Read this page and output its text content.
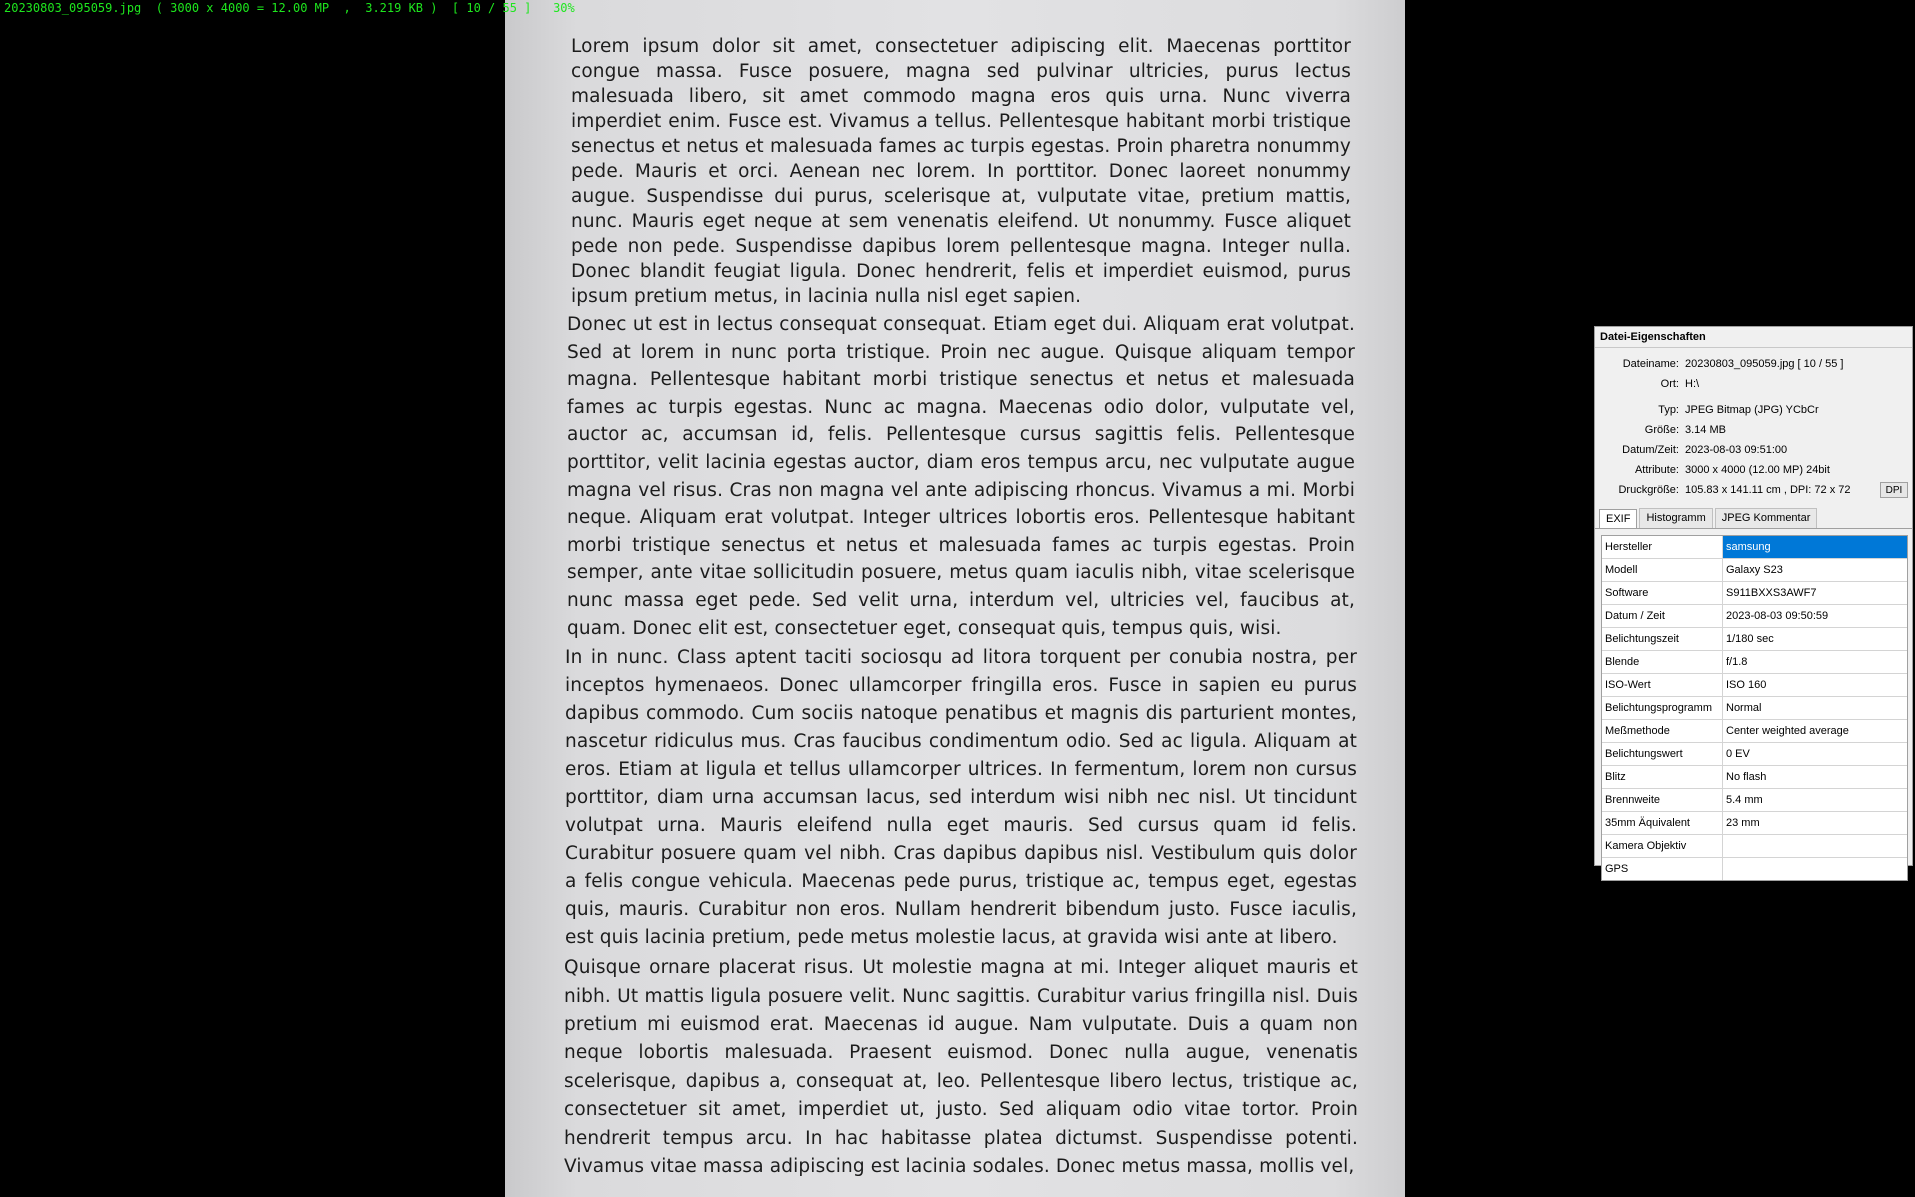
20230803_095059.jpg  ( 3000 x 4000 = 12.00 MP  ,  3.219 KB )  [ 10 / 55 ]   30%

Lorem ipsum dolor sit amet, consectetuer adipiscing elit. Maecenas porttitor congue massa. Fusce posuere, magna sed pulvinar ultricies, purus lectus malesuada libero, sit amet commodo magna eros quis urna. Nunc viverra imperdiet enim. Fusce est. Vivamus a tellus. Pellentesque habitant morbi tristique senectus et netus et malesuada fames ac turpis egestas. Proin pharetra nonummy pede. Mauris et orci. Aenean nec lorem. In porttitor. Donec laoreet nonummy augue. Suspendisse dui purus, scelerisque at, vulputate vitae, pretium mattis, nunc. Mauris eget neque at sem venenatis eleifend. Ut nonummy. Fusce aliquet pede non pede. Suspendisse dapibus lorem pellentesque magna. Integer nulla. Donec blandit feugiat ligula. Donec hendrerit, felis et imperdiet euismod, purus ipsum pretium metus, in lacinia nulla nisl eget sapien.

Donec ut est in lectus consequat consequat. Etiam eget dui. Aliquam erat volutpat. Sed at lorem in nunc porta tristique. Proin nec augue. Quisque aliquam tempor magna. Pellentesque habitant morbi tristique senectus et netus et malesuada fames ac turpis egestas. Nunc ac magna. Maecenas odio dolor, vulputate vel, auctor ac, accumsan id, felis. Pellentesque cursus sagittis felis. Pellentesque porttitor, velit lacinia egestas auctor, diam eros tempus arcu, nec vulputate augue magna vel risus. Cras non magna vel ante adipiscing rhoncus. Vivamus a mi. Morbi neque. Aliquam erat volutpat. Integer ultrices lobortis eros. Pellentesque habitant morbi tristique senectus et netus et malesuada fames ac turpis egestas. Proin semper, ante vitae sollicitudin posuere, metus quam iaculis nibh, vitae scelerisque nunc massa eget pede. Sed velit urna, interdum vel, ultricies vel, faucibus at, quam. Donec elit est, consectetuer eget, consequat quis, tempus quis, wisi.

In in nunc. Class aptent taciti sociosqu ad litora torquent per conubia nostra, per inceptos hymenaeos. Donec ullamcorper fringilla eros. Fusce in sapien eu purus dapibus commodo. Cum sociis natoque penatibus et magnis dis parturient montes, nascetur ridiculus mus. Cras faucibus condimentum odio. Sed ac ligula. Aliquam at eros. Etiam at ligula et tellus ullamcorper ultrices. In fermentum, lorem non cursus porttitor, diam urna accumsan lacus, sed interdum wisi nibh nec nisl. Ut tincidunt volutpat urna. Mauris eleifend nulla eget mauris. Sed cursus quam id felis. Curabitur posuere quam vel nibh. Cras dapibus dapibus nisl. Vestibulum quis dolor a felis congue vehicula. Maecenas pede purus, tristique ac, tempus eget, egestas quis, mauris. Curabitur non eros. Nullam hendrerit bibendum justo. Fusce iaculis, est quis lacinia pretium, pede metus molestie lacus, at gravida wisi ante at libero.

Quisque ornare placerat risus. Ut molestie magna at mi. Integer aliquet mauris et nibh. Ut mattis ligula posuere velit. Nunc sagittis. Curabitur varius fringilla nisl. Duis pretium mi euismod erat. Maecenas id augue. Nam vulputate. Duis a quam non neque lobortis malesuada. Praesent euismod. Donec nulla augue, venenatis scelerisque, dapibus a, consequat at, leo. Pellentesque libero lectus, tristique ac, consectetuer sit amet, imperdiet ut, justo. Sed aliquam odio vitae tortor. Proin hendrerit tempus arcu. In hac habitasse platea dictumst. Suspendisse potenti. Vivamus vitae massa adipiscing est lacinia sodales. Donec metus massa, mollis vel,

Datei-Eigenschaften
Dateiname: 20230803_095059.jpg [ 10 / 55 ]
Ort: H:\
Typ: JPEG Bitmap (JPG) YCbCr
Größe: 3.14 MB
Datum/Zeit: 2023-08-03 09:51:00
Attribute: 3000 x 4000 (12.00 MP) 24bit
Druckgröße: 105.83 x 141.11 cm , DPI: 72 x 72	DPI
EXIF	Histogramm	JPEG Kommentar
Hersteller	samsung
Modell	Galaxy S23
Software	S911BXXS3AWF7
Datum / Zeit	2023-08-03 09:50:59
Belichtungszeit	1/180 sec
Blende	f/1.8
ISO-Wert	ISO 160
Belichtungsprogramm	Normal
Meßmethode	Center weighted average
Belichtungswert	0 EV
Blitz	No flash
Brennweite	5.4 mm
35mm Äquivalent	23 mm
Kamera Objektiv
GPS
